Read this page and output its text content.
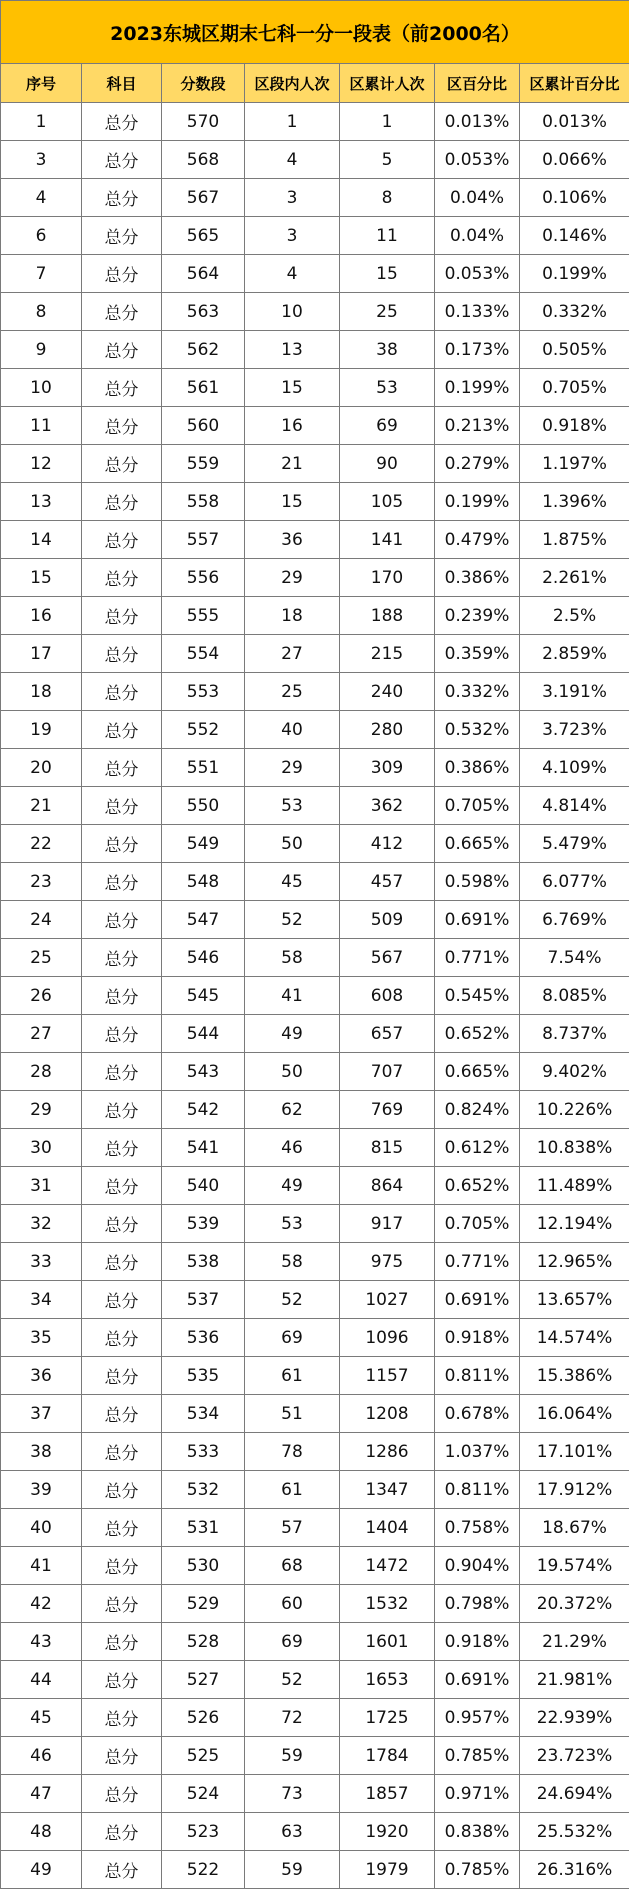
2023东城区期末七科一分一段表（前2000名）						
序号	科目	分数段	区段内人次	区累计人次	区百分比	区累计百分比
1	总分	570	1	1	0.013%	0.013%
3	总分	568	4	5	0.053%	0.066%
4	总分	567	3	8	0.04%	0.106%
6	总分	565	3	11	0.04%	0.146%
7	总分	564	4	15	0.053%	0.199%
8	总分	563	10	25	0.133%	0.332%
9	总分	562	13	38	0.173%	0.505%
10	总分	561	15	53	0.199%	0.705%
11	总分	560	16	69	0.213%	0.918%
12	总分	559	21	90	0.279%	1.197%
13	总分	558	15	105	0.199%	1.396%
14	总分	557	36	141	0.479%	1.875%
15	总分	556	29	170	0.386%	2.261%
16	总分	555	18	188	0.239%	2.5%
17	总分	554	27	215	0.359%	2.859%
18	总分	553	25	240	0.332%	3.191%
19	总分	552	40	280	0.532%	3.723%
20	总分	551	29	309	0.386%	4.109%
21	总分	550	53	362	0.705%	4.814%
22	总分	549	50	412	0.665%	5.479%
23	总分	548	45	457	0.598%	6.077%
24	总分	547	52	509	0.691%	6.769%
25	总分	546	58	567	0.771%	7.54%
26	总分	545	41	608	0.545%	8.085%
27	总分	544	49	657	0.652%	8.737%
28	总分	543	50	707	0.665%	9.402%
29	总分	542	62	769	0.824%	10.226%
30	总分	541	46	815	0.612%	10.838%
31	总分	540	49	864	0.652%	11.489%
32	总分	539	53	917	0.705%	12.194%
33	总分	538	58	975	0.771%	12.965%
34	总分	537	52	1027	0.691%	13.657%
35	总分	536	69	1096	0.918%	14.574%
36	总分	535	61	1157	0.811%	15.386%
37	总分	534	51	1208	0.678%	16.064%
38	总分	533	78	1286	1.037%	17.101%
39	总分	532	61	1347	0.811%	17.912%
40	总分	531	57	1404	0.758%	18.67%
41	总分	530	68	1472	0.904%	19.574%
42	总分	529	60	1532	0.798%	20.372%
43	总分	528	69	1601	0.918%	21.29%
44	总分	527	52	1653	0.691%	21.981%
45	总分	526	72	1725	0.957%	22.939%
46	总分	525	59	1784	0.785%	23.723%
47	总分	524	73	1857	0.971%	24.694%
48	总分	523	63	1920	0.838%	25.532%
49	总分	522	59	1979	0.785%	26.316%
